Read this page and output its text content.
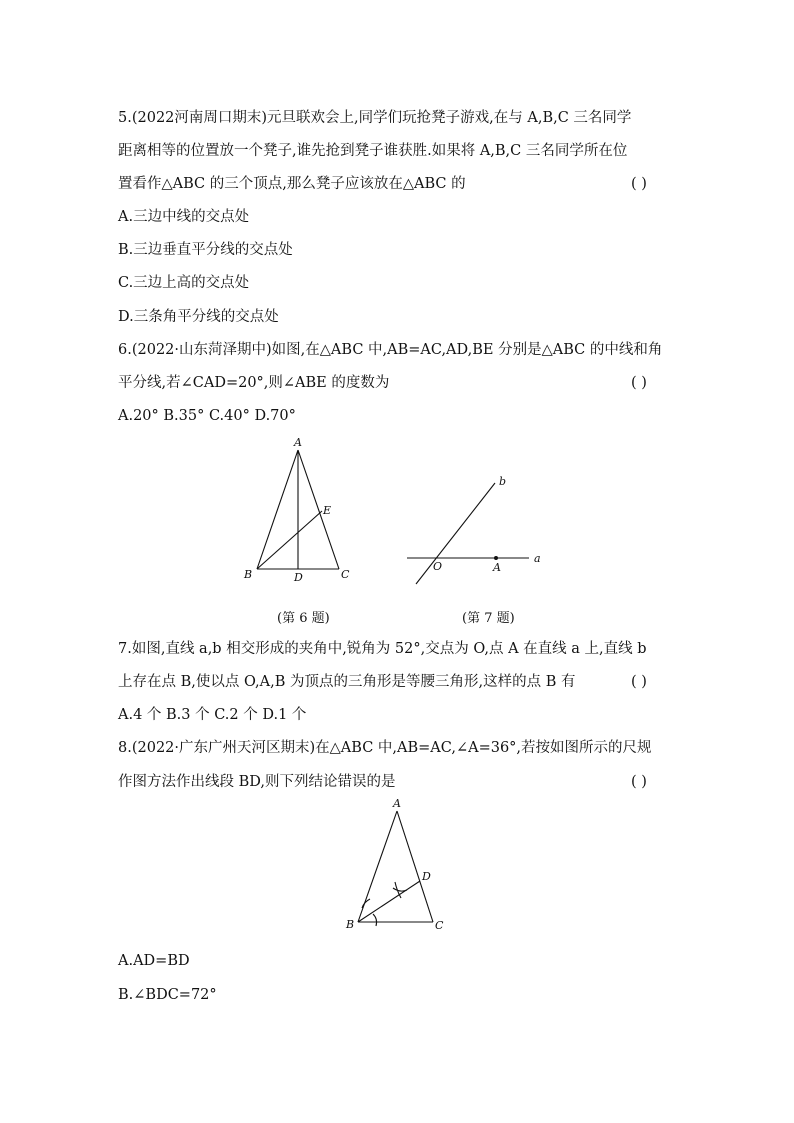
5.(2022河南周口期末)元旦联欢会上,同学们玩抢凳子游戏,在与 A,B,C 三名同学
距离相等的位置放一个凳子,谁先抢到凳子谁获胜.如果将 A,B,C 三名同学所在位
置看作△ABC 的三个顶点,那么凳子应该放在△ABC 的	( )
A.三边中线的交点处
B.三边垂直平分线的交点处
C.三边上高的交点处
D.三条角平分线的交点处
6.(2022·山东菏泽期中)如图,在△ABC 中,AB=AC,AD,BE 分别是△ABC 的中线和角
平分线,若∠CAD=20°,则∠ABE 的度数为	( )
A.20° B.35° C.40° D.70°
A
B	C
D
E
(第 6 题)
b
a
O	A
(第 7 题)
7.如图,直线 a,b 相交形成的夹角中,锐角为 52°,交点为 O,点 A 在直线 a 上,直线 b
上存在点 B,使以点 O,A,B 为顶点的三角形是等腰三角形,这样的点 B 有	( )
A.4 个 B.3 个 C.2 个 D.1 个
8.(2022·广东广州天河区期末)在△ABC 中,AB=AC,∠A=36°,若按如图所示的尺规
作图方法作出线段 BD,则下列结论错误的是	( )
A
B	C
D
A.AD=BD
B.∠BDC=72°
